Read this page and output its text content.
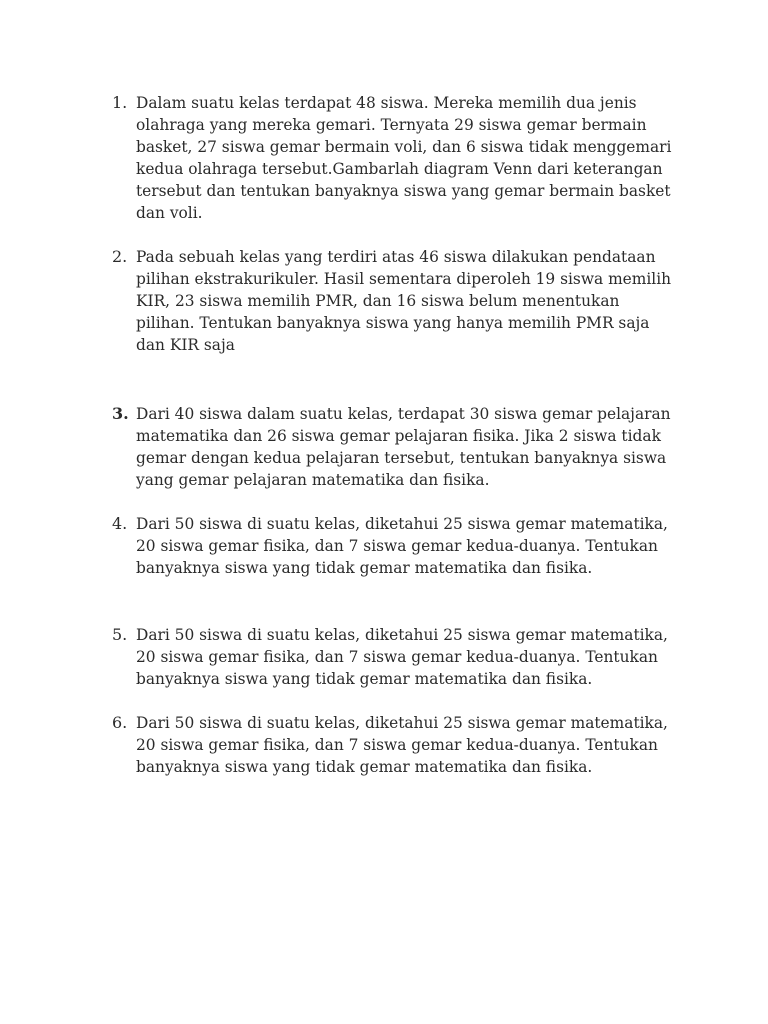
1. Dalam suatu kelas terdapat 48 siswa. Mereka memilih dua jenis
olahraga yang mereka gemari. Ternyata 29 siswa gemar bermain
basket, 27 siswa gemar bermain voli, dan 6 siswa tidak menggemari
kedua olahraga tersebut.Gambarlah diagram Venn dari keterangan
tersebut dan tentukan banyaknya siswa yang gemar bermain basket
dan voli.
2. Pada sebuah kelas yang terdiri atas 46 siswa dilakukan pendataan
pilihan ekstrakurikuler. Hasil sementara diperoleh 19 siswa memilih
KIR, 23 siswa memilih PMR, dan 16 siswa belum menentukan
pilihan. Tentukan banyaknya siswa yang hanya memilih PMR saja
dan KIR saja
3. Dari 40 siswa dalam suatu kelas, terdapat 30 siswa gemar pelajaran
matematika dan 26 siswa gemar pelajaran fisika. Jika 2 siswa tidak
gemar dengan kedua pelajaran tersebut, tentukan banyaknya siswa
yang gemar pelajaran matematika dan fisika.
4. Dari 50 siswa di suatu kelas, diketahui 25 siswa gemar matematika,
20 siswa gemar fisika, dan 7 siswa gemar kedua-duanya. Tentukan
banyaknya siswa yang tidak gemar matematika dan fisika.
5. Dari 50 siswa di suatu kelas, diketahui 25 siswa gemar matematika,
20 siswa gemar fisika, dan 7 siswa gemar kedua-duanya. Tentukan
banyaknya siswa yang tidak gemar matematika dan fisika.
6. Dari 50 siswa di suatu kelas, diketahui 25 siswa gemar matematika,
20 siswa gemar fisika, dan 7 siswa gemar kedua-duanya. Tentukan
banyaknya siswa yang tidak gemar matematika dan fisika.
